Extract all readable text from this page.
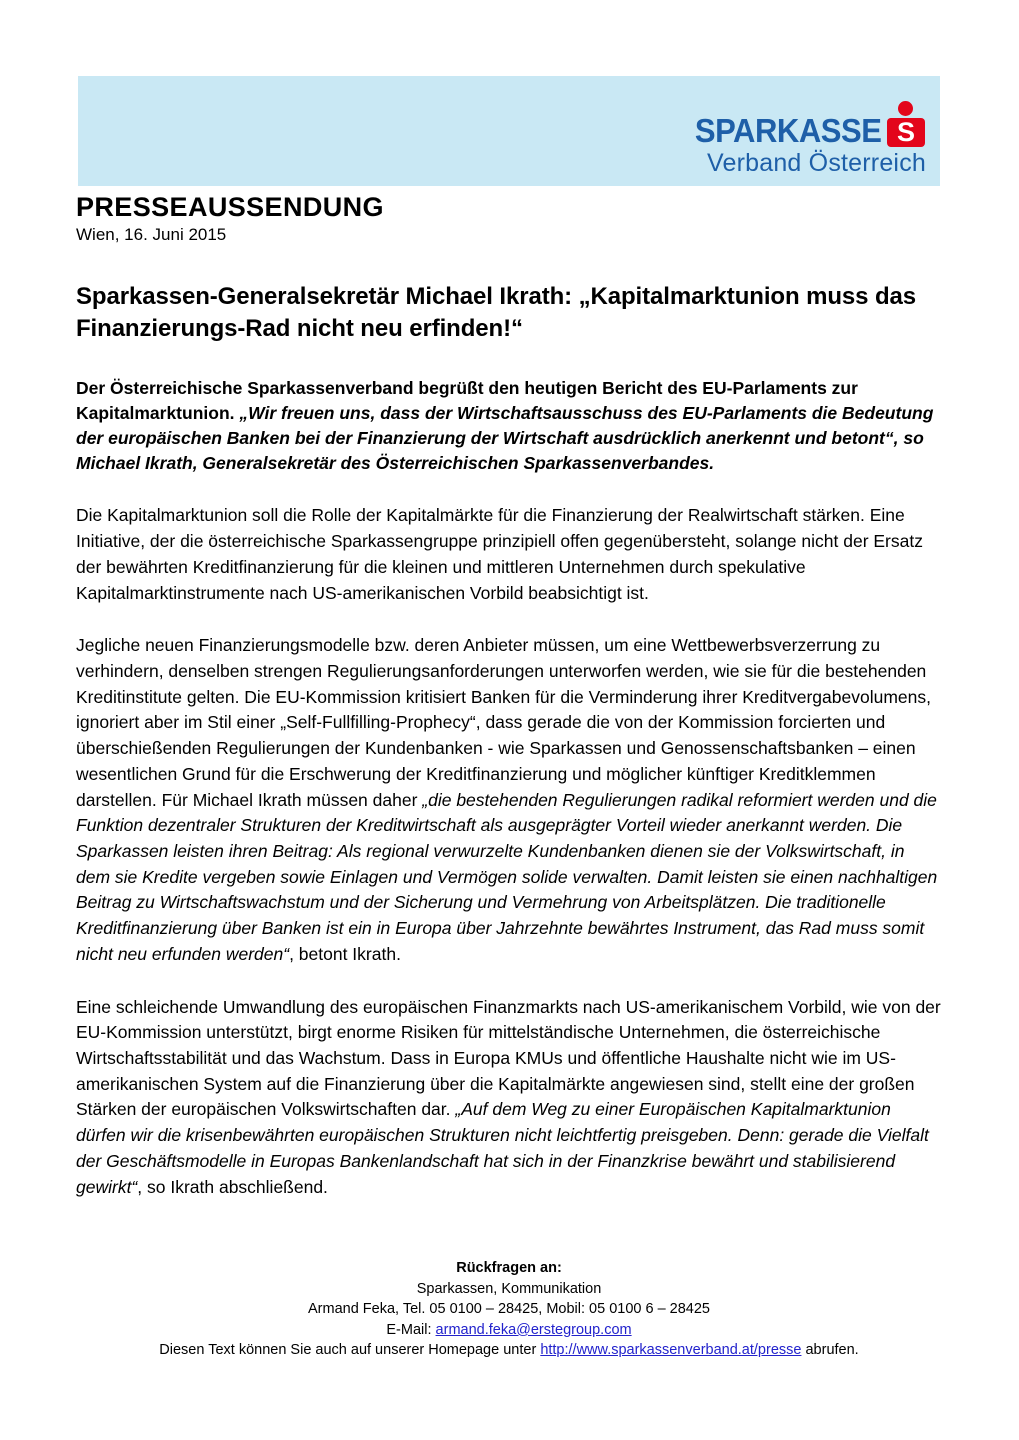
SPARKASSE S
Verband Österreich
PRESSEAUSSENDUNG

Wien, 16. Juni 2015

Sparkassen-Generalsekretär Michael Ikrath: „Kapitalmarktunion muss das Finanzierungs-Rad nicht neu erfinden!“

Der Österreichische Sparkassenverband begrüßt den heutigen Bericht des EU-Parlaments zur Kapitalmarktunion. „Wir freuen uns, dass der Wirtschaftsausschuss des EU-Parlaments die Bedeutung der europäischen Banken bei der Finanzierung der Wirtschaft ausdrücklich anerkennt und betont“, so Michael Ikrath, Generalsekretär des Österreichischen Sparkassenverbandes.

Die Kapitalmarktunion soll die Rolle der Kapitalmärkte für die Finanzierung der Realwirtschaft stärken. Eine Initiative, der die österreichische Sparkassengruppe prinzipiell offen gegenübersteht, solange nicht der Ersatz der bewährten Kreditfinanzierung für die kleinen und mittleren Unternehmen durch spekulative Kapitalmarktinstrumente nach US-amerikanischen Vorbild beabsichtigt ist.

Jegliche neuen Finanzierungsmodelle bzw. deren Anbieter müssen, um eine Wettbewerbsverzerrung zu verhindern, denselben strengen Regulierungsanforderungen unterworfen werden, wie sie für die bestehenden Kreditinstitute gelten. Die EU-Kommission kritisiert Banken für die Verminderung ihrer Kreditvergabevolumens, ignoriert aber im Stil einer „Self-Fullfilling-Prophecy“, dass gerade die von der Kommission forcierten und überschießenden Regulierungen der Kundenbanken - wie Sparkassen und Genossenschaftsbanken – einen wesentlichen Grund für die Erschwerung der Kreditfinanzierung und möglicher künftiger Kreditklemmen darstellen. Für Michael Ikrath müssen daher „die bestehenden Regulierungen radikal reformiert werden und die Funktion dezentraler Strukturen der Kreditwirtschaft als ausgeprägter Vorteil wieder anerkannt werden. Die Sparkassen leisten ihren Beitrag: Als regional verwurzelte Kundenbanken dienen sie der Volkswirtschaft, in dem sie Kredite vergeben sowie Einlagen und Vermögen solide verwalten. Damit leisten sie einen nachhaltigen Beitrag zu Wirtschaftswachstum und der Sicherung und Vermehrung von Arbeitsplätzen. Die traditionelle Kreditfinanzierung über Banken ist ein in Europa über Jahrzehnte bewährtes Instrument, das Rad muss somit nicht neu erfunden werden“, betont Ikrath.

Eine schleichende Umwandlung des europäischen Finanzmarkts nach US-amerikanischem Vorbild, wie von der EU-Kommission unterstützt, birgt enorme Risiken für mittelständische Unternehmen, die österreichische Wirtschaftsstabilität und das Wachstum. Dass in Europa KMUs und öffentliche Haushalte nicht wie im US-amerikanischen System auf die Finanzierung über die Kapitalmärkte angewiesen sind, stellt eine der großen Stärken der europäischen Volkswirtschaften dar. „Auf dem Weg zu einer Europäischen Kapitalmarktunion dürfen wir die krisenbewährten europäischen Strukturen nicht leichtfertig preisgeben. Denn: gerade die Vielfalt der Geschäftsmodelle in Europas Bankenlandschaft hat sich in der Finanzkrise bewährt und stabilisierend gewirkt“, so Ikrath abschließend.

Rückfragen an:
Sparkassen, Kommunikation
Armand Feka, Tel. 05 0100 – 28425, Mobil: 05 0100 6 – 28425
E-Mail: armand.feka@erstegroup.com
Diesen Text können Sie auch auf unserer Homepage unter http://www.sparkassenverband.at/presse abrufen.
